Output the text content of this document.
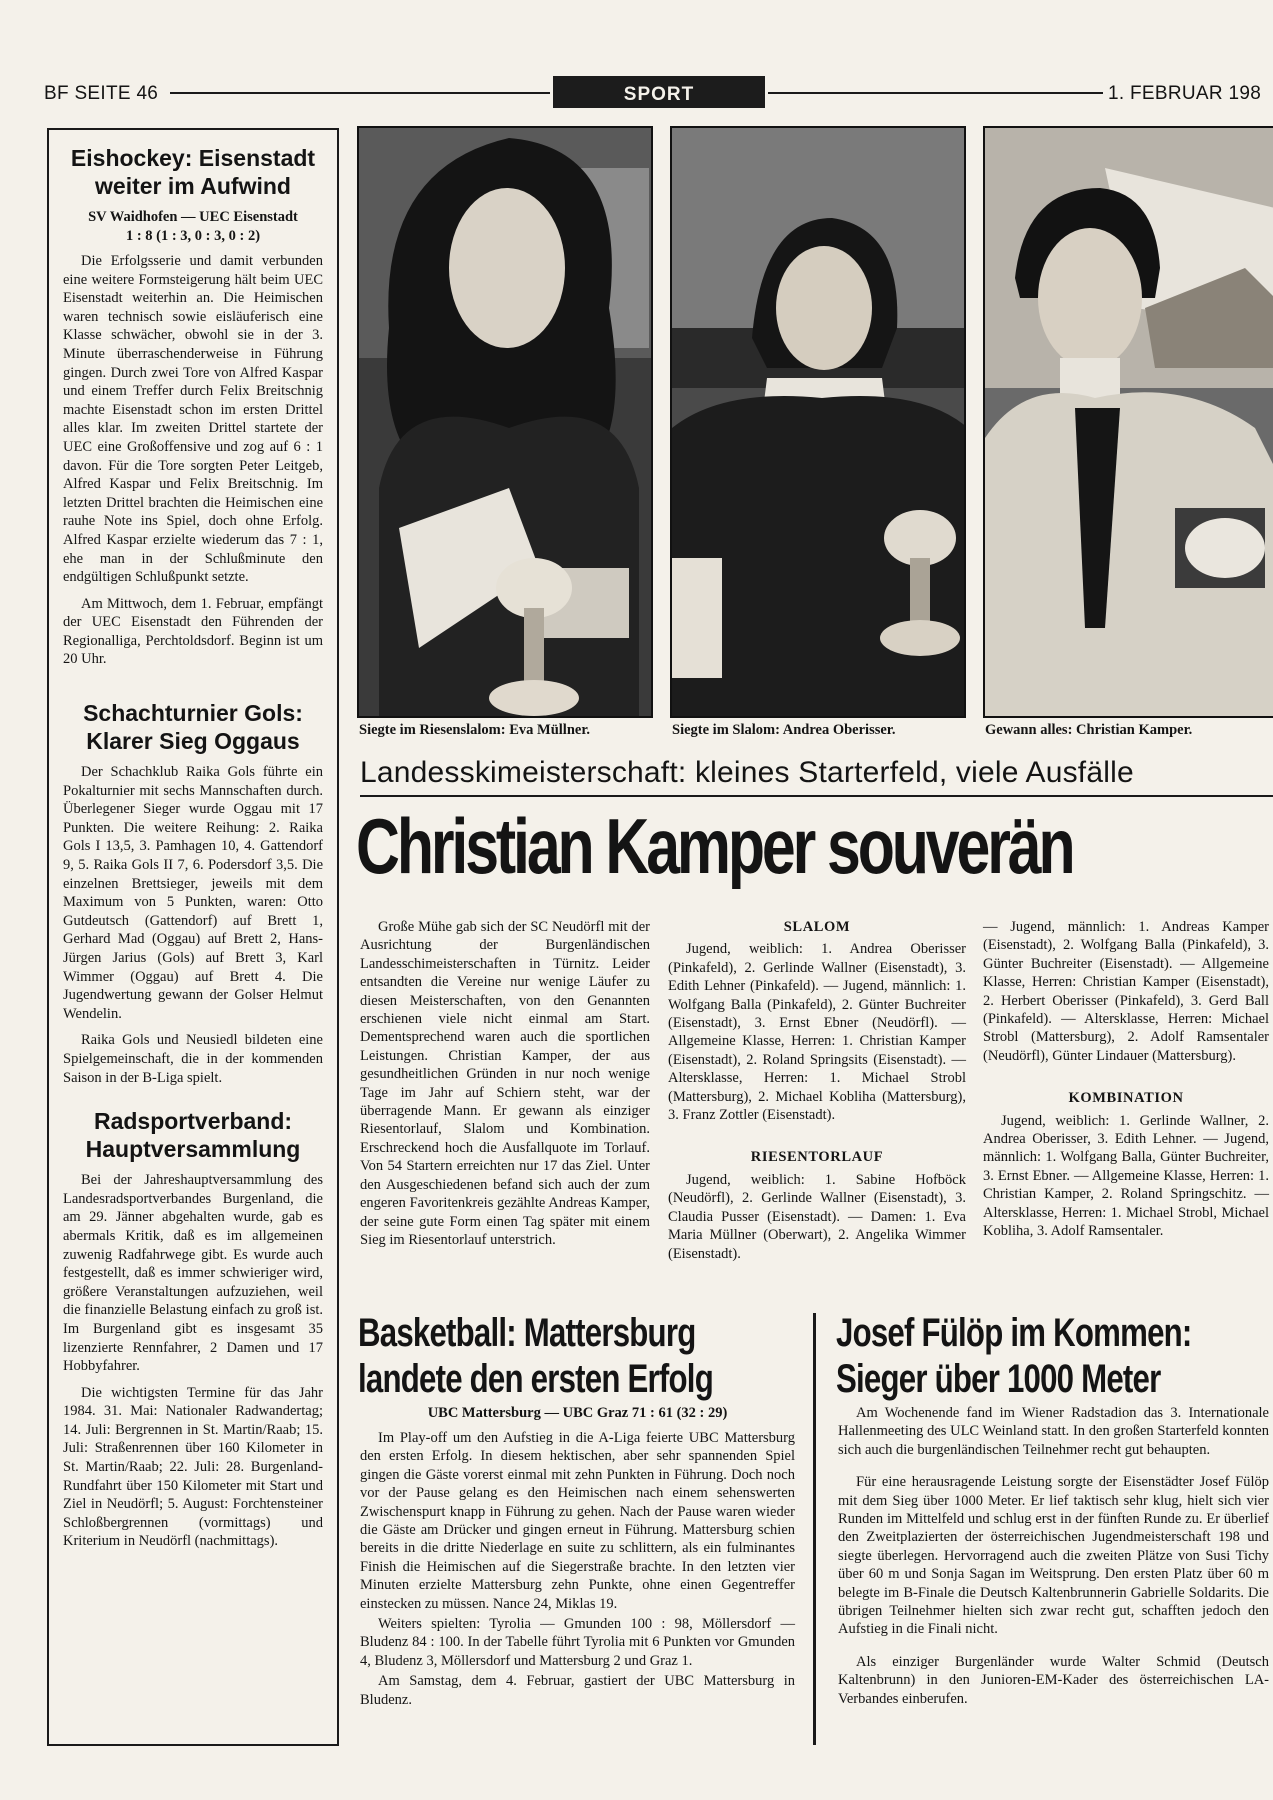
BF SEITE 46	SPORT	1. FEBRUAR 198
Eishockey: Eisenstadt
weiter im Aufwind
SV Waidhofen — UEC Eisenstadt
1 : 8 (1 : 3, 0 : 3, 0 : 2)

Die Erfolgsserie und damit verbunden eine weitere Formsteigerung hält beim UEC Eisenstadt weiterhin an. Die Heimischen waren technisch sowie eisläuferisch eine Klasse schwächer, obwohl sie in der 3. Minute überraschenderweise in Führung gingen. Durch zwei Tore von Alfred Kaspar und einem Treffer durch Felix Breitschnig machte Eisenstadt schon im ersten Drittel alles klar. Im zweiten Drittel startete der UEC eine Großoffensive und zog auf 6 : 1 davon. Für die Tore sorgten Peter Leitgeb, Alfred Kaspar und Felix Breitschnig. Im letzten Drittel brachten die Heimischen eine rauhe Note ins Spiel, doch ohne Erfolg. Alfred Kaspar erzielte wiederum das 7 : 1, ehe man in der Schlußminute den endgültigen Schlußpunkt setzte.

Am Mittwoch, dem 1. Februar, empfängt der UEC Eisenstadt den Führenden der Regionalliga, Perchtoldsdorf. Beginn ist um 20 Uhr.

Schachturnier Gols:
Klarer Sieg Oggaus

Der Schachklub Raika Gols führte ein Pokalturnier mit sechs Mannschaften durch. Überlegener Sieger wurde Oggau mit 17 Punkten. Die weitere Reihung: 2. Raika Gols I 13,5, 3. Pamhagen 10, 4. Gattendorf 9, 5. Raika Gols II 7, 6. Podersdorf 3,5. Die einzelnen Brettsieger, jeweils mit dem Maximum von 5 Punkten, waren: Otto Gutdeutsch (Gattendorf) auf Brett 1, Gerhard Mad (Oggau) auf Brett 2, Hans-Jürgen Jarius (Gols) auf Brett 3, Karl Wimmer (Oggau) auf Brett 4. Die Jugendwertung gewann der Golser Helmut Wendelin.

Raika Gols und Neusiedl bildeten eine Spielgemeinschaft, die in der kommenden Saison in der B-Liga spielt.

Radsportverband:
Hauptversammlung

Bei der Jahreshauptversammlung des Landesradsportverbandes Burgenland, die am 29. Jänner abgehalten wurde, gab es abermals Kritik, daß es im allgemeinen zuwenig Radfahrwege gibt. Es wurde auch festgestellt, daß es immer schwieriger wird, größere Veranstaltungen aufzuziehen, weil die finanzielle Belastung einfach zu groß ist. Im Burgenland gibt es insgesamt 35 lizenzierte Rennfahrer, 2 Damen und 17 Hobbyfahrer.

Die wichtigsten Termine für das Jahr 1984. 31. Mai: Nationaler Radwandertag; 14. Juli: Bergrennen in St. Martin/Raab; 15. Juli: Straßenrennen über 160 Kilometer in St. Martin/Raab; 22. Juli: 28. Burgenland-Rundfahrt über 150 Kilometer mit Start und Ziel in Neudörfl; 5. August: Forchtensteiner Schloßbergrennen (vormittags) und Kriterium in Neudörfl (nachmittags).

Siegte im Riesenslalom: Eva Müllner.	Siegte im Slalom: Andrea Oberisser.	Gewann alles: Christian Kamper.
Landesskimeisterschaft: kleines Starterfeld, viele Ausfälle
Christian Kamper souverän

Große Mühe gab sich der SC Neudörfl mit der Ausrichtung der Burgenländischen Landesschimeisterschaften in Türnitz. Leider entsandten die Vereine nur wenige Läufer zu diesen Meisterschaften, von den Genannten erschienen viele nicht einmal am Start. Dementsprechend waren auch die sportlichen Leistungen. Christian Kamper, der aus gesundheitlichen Gründen in nur noch wenige Tage im Jahr auf Schiern steht, war der überragende Mann. Er gewann als einziger Riesentorlauf, Slalom und Kombination. Erschreckend hoch die Ausfallquote im Torlauf. Von 54 Startern erreichten nur 17 das Ziel. Unter den Ausgeschiedenen befand sich auch der zum engeren Favoritenkreis gezählte Andreas Kamper, der seine gute Form einen Tag später mit einem Sieg im Riesentorlauf unterstrich.

SLALOM

Jugend, weiblich: 1. Andrea Oberisser (Pinkafeld), 2. Gerlinde Wallner (Eisenstadt), 3. Edith Lehner (Pinkafeld). — Jugend, männlich: 1. Wolfgang Balla (Pinkafeld), 2. Günter Buchreiter (Eisenstadt), 3. Ernst Ebner (Neudörfl). — Allgemeine Klasse, Herren: 1. Christian Kamper (Eisenstadt), 2. Roland Springsits (Eisenstadt). — Altersklasse, Herren: 1. Michael Strobl (Mattersburg), 2. Michael Kobliha (Mattersburg), 3. Franz Zottler (Eisenstadt).

RIESENTORLAUF

Jugend, weiblich: 1. Sabine Hofböck (Neudörfl), 2. Gerlinde Wallner (Eisenstadt), 3. Claudia Pusser (Eisenstadt). — Damen: 1. Eva Maria Müllner (Oberwart), 2. Angelika Wimmer (Eisenstadt).

— Jugend, männlich: 1. Andreas Kamper (Eisenstadt), 2. Wolfgang Balla (Pinkafeld), 3. Günter Buchreiter (Eisenstadt). — Allgemeine Klasse, Herren: Christian Kamper (Eisenstadt), 2. Herbert Oberisser (Pinkafeld), 3. Gerd Ball (Pinkafeld). — Altersklasse, Herren: Michael Strobl (Mattersburg), 2. Adolf Ramsentaler (Neudörfl), Günter Lindauer (Mattersburg).

KOMBINATION

Jugend, weiblich: 1. Gerlinde Wallner, 2. Andrea Oberisser, 3. Edith Lehner. — Jugend, männlich: 1. Wolfgang Balla, Günter Buchreiter, 3. Ernst Ebner. — Allgemeine Klasse, Herren: 1. Christian Kamper, 2. Roland Springschitz. — Altersklasse, Herren: 1. Michael Strobl, Michael Kobliha, 3. Adolf Ramsentaler.

Basketball: Mattersburg
landete den ersten Erfolg
UBC Mattersburg — UBC Graz 71 : 61 (32 : 29)

Im Play-off um den Aufstieg in die A-Liga feierte UBC Mattersburg den ersten Erfolg. In diesem hektischen, aber sehr spannenden Spiel gingen die Gäste vorerst einmal mit zehn Punkten in Führung. Doch noch vor der Pause gelang es den Heimischen nach einem sehenswerten Zwischenspurt knapp in Führung zu gehen. Nach der Pause waren wieder die Gäste am Drücker und gingen erneut in Führung. Mattersburg schien bereits in die dritte Niederlage en suite zu schlittern, als ein fulminantes Finish die Heimischen auf die Siegerstraße brachte. In den letzten vier Minuten erzielte Mattersburg zehn Punkte, ohne einen Gegentreffer einstecken zu müssen. Nance 24, Miklas 19.

Weiters spielten: Tyrolia — Gmunden 100 : 98, Möllersdorf — Bludenz 84 : 100. In der Tabelle führt Tyrolia mit 6 Punkten vor Gmunden 4, Bludenz 3, Möllersdorf und Mattersburg 2 und Graz 1.

Am Samstag, dem 4. Februar, gastiert der UBC Mattersburg in Bludenz.

Josef Fülöp im Kommen:
Sieger über 1000 Meter

Am Wochenende fand im Wiener Radstadion das 3. Internationale Hallenmeeting des ULC Weinland statt. In den großen Starterfeld konnten sich auch die burgenländischen Teilnehmer recht gut behaupten.

Für eine herausragende Leistung sorgte der Eisenstädter Josef Fülöp mit dem Sieg über 1000 Meter. Er lief taktisch sehr klug, hielt sich vier Runden im Mittelfeld und schlug erst in der fünften Runde zu. Er überlief den Zweitplazierten der österreichischen Jugendmeisterschaft 198 und siegte überlegen. Hervorragend auch die zweiten Plätze von Susi Tichy über 60 m und Sonja Sagan im Weitsprung. Den ersten Platz über 60 m belegte im B-Finale die Deutsch Kaltenbrunnerin Gabrielle Soldarits. Die übrigen Teilnehmer hielten sich zwar recht gut, schafften jedoch den Aufstieg in die Finali nicht.

Als einziger Burgenländer wurde Walter Schmid (Deutsch Kaltenbrunn) in den Junioren-EM-Kader des österreichischen LA-Verbandes einberufen.
